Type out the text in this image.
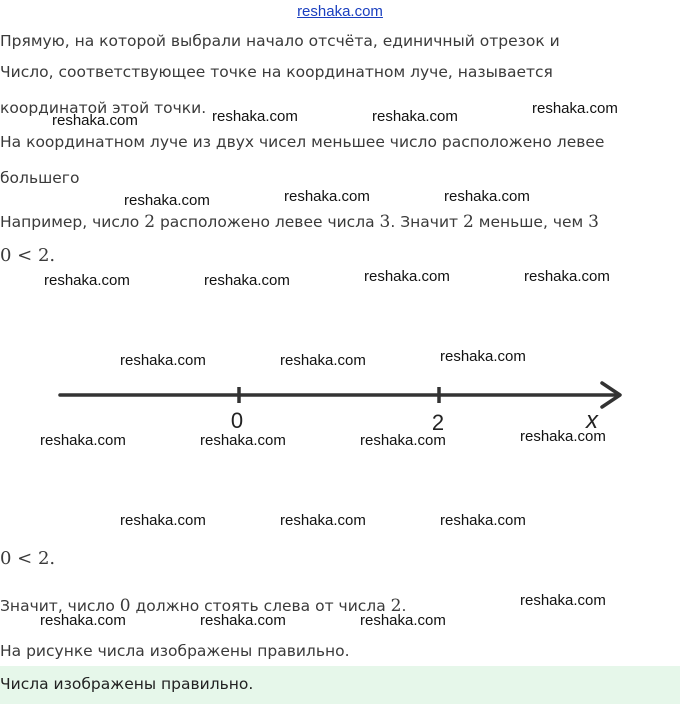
reshaka.com

Прямую, на которой выбрали начало отсчёта, единичный отрезок и

Число, соответствующее точке на координатном луче, называется

координатой этой точки.

На координатном луче из двух чисел меньшее число расположено левее

большего

Например, число 2 расположено левее числа 3. Значит 2 меньше, чем 3

0 < 2.

0	2	x

0 < 2.

Значит, число 0 должно стоять слева от числа 2.

На рисунке числа изображены правильно.

Числа изображены правильно.
reshaka.com	reshaka.com	reshaka.com	reshaka.com
reshaka.com	reshaka.com	reshaka.com
reshaka.com	reshaka.com	reshaka.com	reshaka.com
reshaka.com	reshaka.com	reshaka.com
reshaka.com	reshaka.com	reshaka.com	reshaka.com
reshaka.com	reshaka.com	reshaka.com
reshaka.com
reshaka.com	reshaka.com	reshaka.com
